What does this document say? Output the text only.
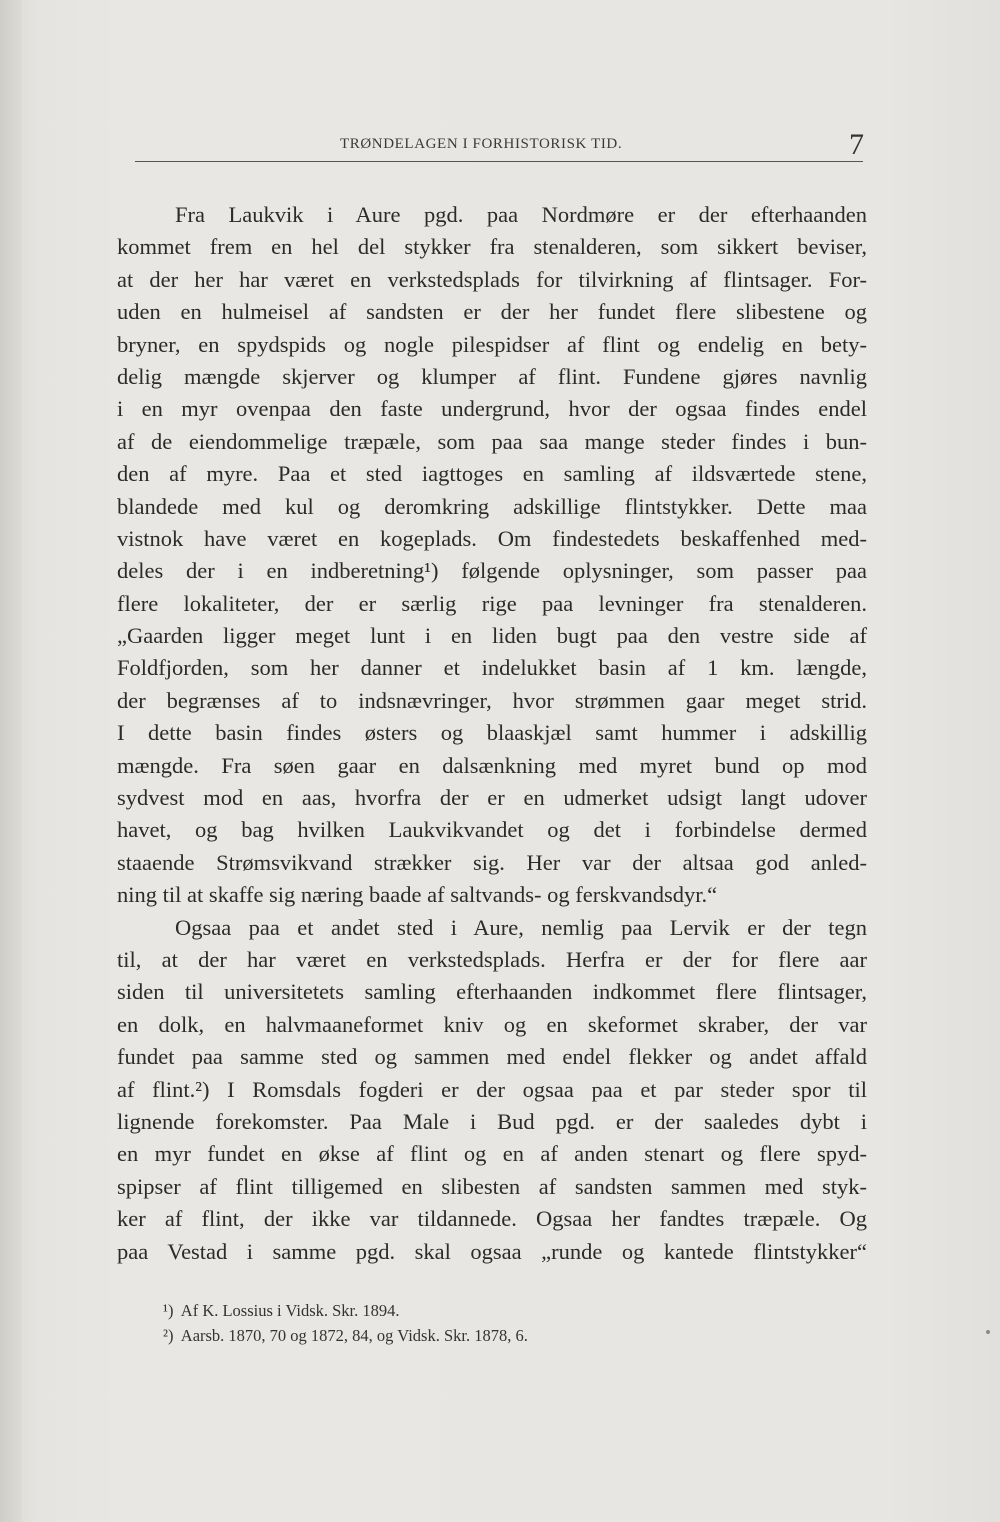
TRØNDELAGEN I FORHISTORISK TID.	7
Fra Laukvik i Aure pgd. paa Nordmøre er der efterhaanden
kommet frem en hel del stykker fra stenalderen, som sikkert beviser,
at der her har været en verkstedsplads for tilvirkning af flintsager. For-
uden en hulmeisel af sandsten er der her fundet flere slibestene og
bryner, en spydspids og nogle pilespidser af flint og endelig en bety-
delig mængde skjerver og klumper af flint. Fundene gjøres navnlig
i en myr ovenpaa den faste undergrund, hvor der ogsaa findes endel
af de eiendommelige træpæle, som paa saa mange steder findes i bun-
den af myre. Paa et sted iagttoges en samling af ildsværtede stene,
blandede med kul og deromkring adskillige flintstykker. Dette maa
vistnok have været en kogeplads. Om findestedets beskaffenhed med-
deles der i en indberetning¹) følgende oplysninger, som passer paa
flere lokaliteter, der er særlig rige paa levninger fra stenalderen.
„Gaarden ligger meget lunt i en liden bugt paa den vestre side af
Foldfjorden, som her danner et indelukket basin af 1 km. længde,
der begrænses af to indsnævringer, hvor strømmen gaar meget strid.
I dette basin findes østers og blaaskjæl samt hummer i adskillig
mængde. Fra søen gaar en dalsænkning med myret bund op mod
sydvest mod en aas, hvorfra der er en udmerket udsigt langt udover
havet, og bag hvilken Laukvikvandet og det i forbindelse dermed
staaende Strømsvikvand strækker sig. Her var der altsaa god anled-
ning til at skaffe sig næring baade af saltvands- og ferskvandsdyr.“
Ogsaa paa et andet sted i Aure, nemlig paa Lervik er der tegn
til, at der har været en verkstedsplads. Herfra er der for flere aar
siden til universitetets samling efterhaanden indkommet flere flintsager,
en dolk, en halvmaaneformet kniv og en skeformet skraber, der var
fundet paa samme sted og sammen med endel flekker og andet affald
af flint.²) I Romsdals fogderi er der ogsaa paa et par steder spor til
lignende forekomster. Paa Male i Bud pgd. er der saaledes dybt i
en myr fundet en økse af flint og en af anden stenart og flere spyd-
spipser af flint tilligemed en slibesten af sandsten sammen med styk-
ker af flint, der ikke var tildannede. Ogsaa her fandtes træpæle. Og
paa Vestad i samme pgd. skal ogsaa „runde og kantede flintstykker“
¹)  Af K. Lossius i Vidsk. Skr. 1894.
²)  Aarsb. 1870, 70 og 1872, 84, og Vidsk. Skr. 1878, 6.
